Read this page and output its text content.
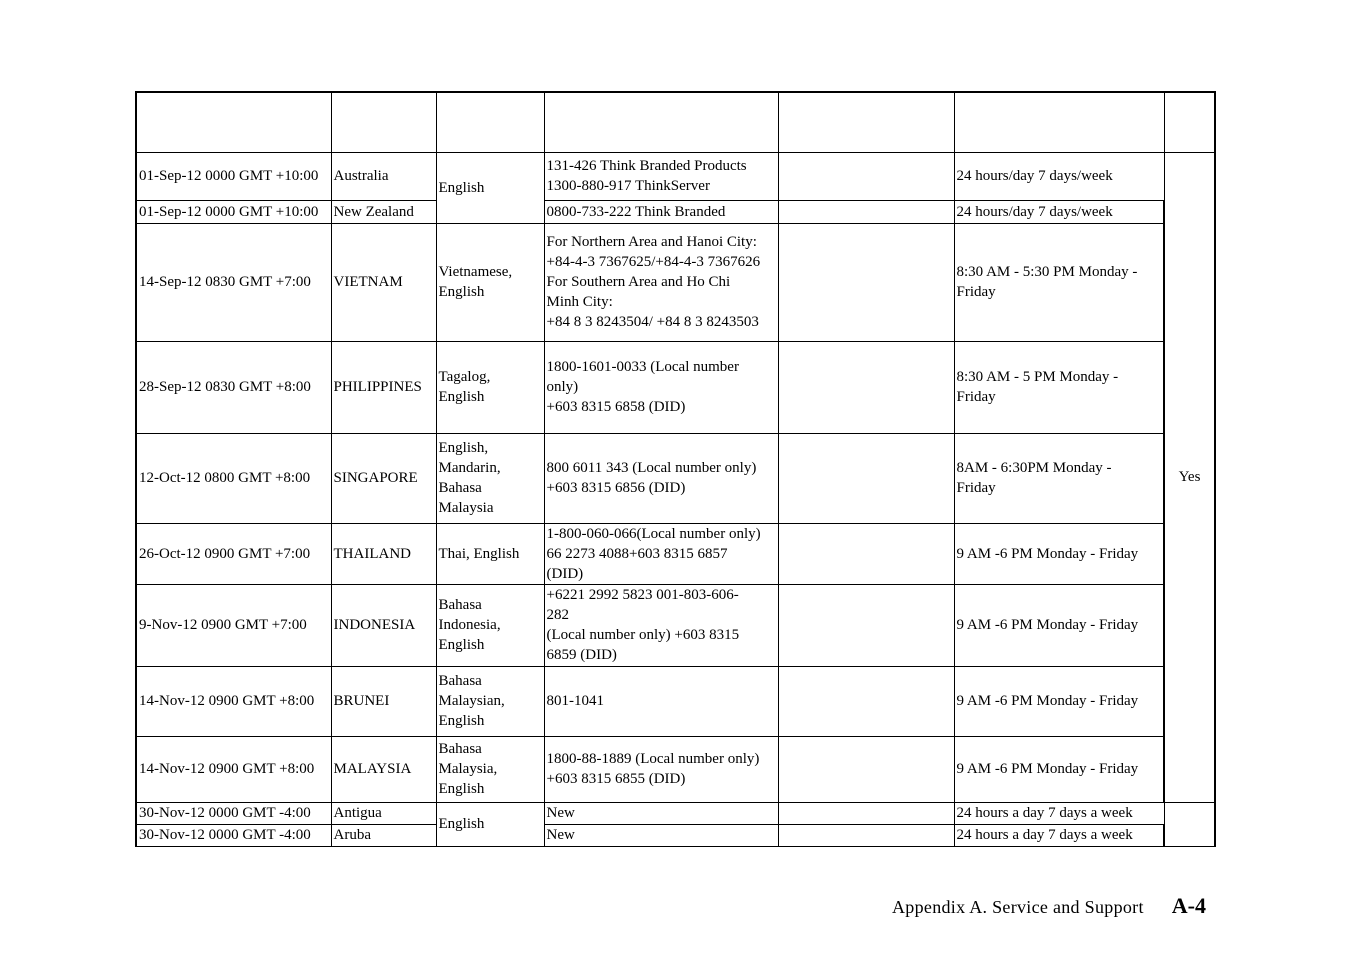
01-Sep-12 0000 GMT +10:00	Australia	English	131-426 Think Branded Products
1300-880-917 ThinkServer		24 hours/day 7 days/week	Yes
01-Sep-12 0000 GMT +10:00	New Zealand		0800-733-222 Think Branded		24 hours/day 7 days/week	
14-Sep-12 0830 GMT +7:00	VIETNAM	Vietnamese,
English	For Northern Area and Hanoi City:
+84-4-3 7367625/+84-4-3 7367626
For Southern Area and Ho Chi
Minh City:
+84 8 3 8243504/ +84 8 3 8243503		8:30 AM - 5:30 PM Monday -
Friday	
28-Sep-12 0830 GMT +8:00	PHILIPPINES	Tagalog,
English	1800-1601-0033 (Local number
only)
+603 8315 6858 (DID)		8:30 AM - 5 PM Monday -
Friday	
12-Oct-12 0800 GMT +8:00	SINGAPORE	English,
Mandarin,
Bahasa
Malaysia	800 6011 343 (Local number only)
+603 8315 6856 (DID)		8AM - 6:30PM Monday -
Friday	
26-Oct-12 0900 GMT +7:00	THAILAND	Thai, English	1-800-060-066(Local number only)
66 2273 4088+603 8315 6857
(DID)		9 AM -6 PM Monday - Friday	
9-Nov-12 0900 GMT +7:00	INDONESIA	Bahasa
Indonesia,
English	+6221 2992 5823 001-803-606-
282
(Local number only) +603 8315
6859 (DID)		9 AM -6 PM Monday - Friday	
14-Nov-12 0900 GMT +8:00	BRUNEI	Bahasa
Malaysian,
English	801-1041		9 AM -6 PM Monday - Friday	
14-Nov-12 0900 GMT +8:00	MALAYSIA	Bahasa
Malaysia,
English	1800-88-1889 (Local number only)
+603 8315 6855 (DID)		9 AM -6 PM Monday - Friday	
30-Nov-12 0000 GMT -4:00	Antigua	English	New		24 hours a day 7 days a week	
30-Nov-12 0000 GMT -4:00	Aruba		New		24 hours a day 7 days a week	
Appendix A. Service and Support A-4
